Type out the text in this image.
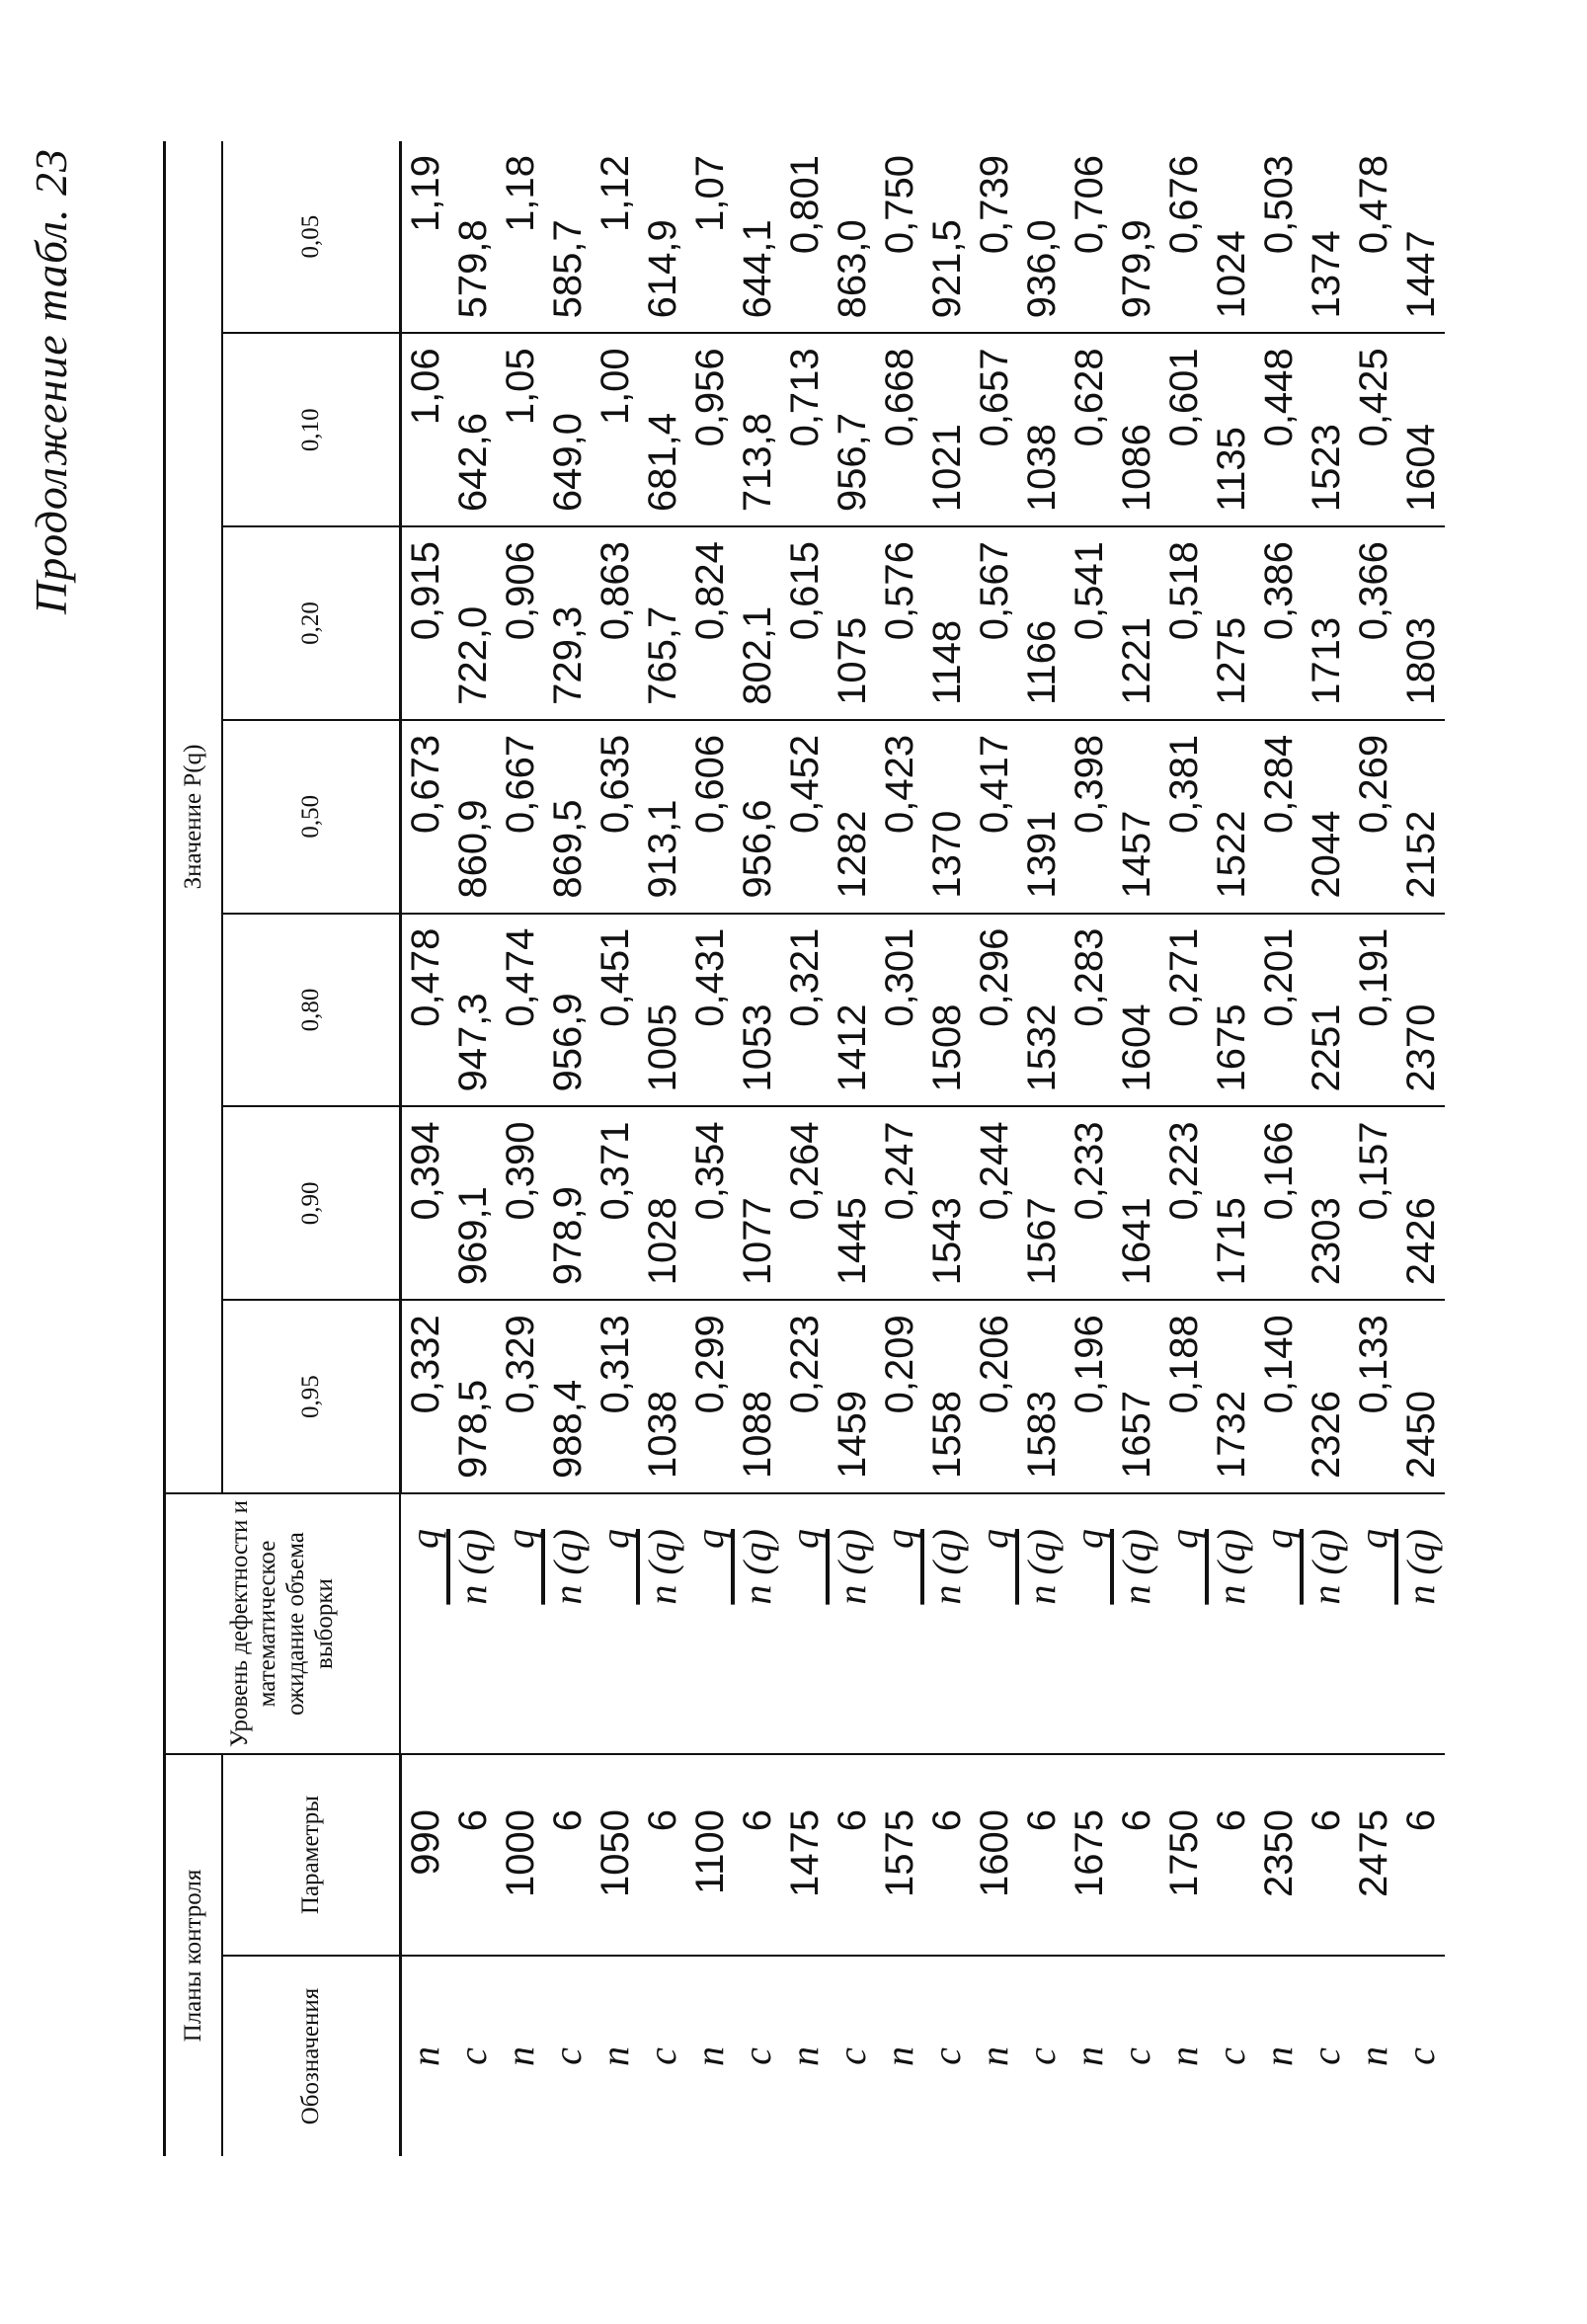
Продолжение табл. 23
Планы контроля		Уровень дефектности и математическое ожидание объема выборки	Значение P(q)						
Обозначения	Параметры		0,95	0,90	0,80	0,50	0,20	0,10	0,05
n	990	q	0,332	0,394	0,478	0,673	0,915	1,06	1,19
c	6	n (q)	978,5	969,1	947,3	860,9	722,0	642,6	579,8
n	1000	q	0,329	0,390	0,474	0,667	0,906	1,05	1,18
c	6	n (q)	988,4	978,9	956,9	869,5	729,3	649,0	585,7
n	1050	q	0,313	0,371	0,451	0,635	0,863	1,00	1,12
c	6	n (q)	1038	1028	1005	913,1	765,7	681,4	614,9
n	1100	q	0,299	0,354	0,431	0,606	0,824	0,956	1,07
c	6	n (q)	1088	1077	1053	956,6	802,1	713,8	644,1
n	1475	q	0,223	0,264	0,321	0,452	0,615	0,713	0,801
c	6	n (q)	1459	1445	1412	1282	1075	956,7	863,0
n	1575	q	0,209	0,247	0,301	0,423	0,576	0,668	0,750
c	6	n (q)	1558	1543	1508	1370	1148	1021	921,5
n	1600	q	0,206	0,244	0,296	0,417	0,567	0,657	0,739
c	6	n (q)	1583	1567	1532	1391	1166	1038	936,0
n	1675	q	0,196	0,233	0,283	0,398	0,541	0,628	0,706
c	6	n (q)	1657	1641	1604	1457	1221	1086	979,9
n	1750	q	0,188	0,223	0,271	0,381	0,518	0,601	0,676
c	6	n (q)	1732	1715	1675	1522	1275	1135	1024
n	2350	q	0,140	0,166	0,201	0,284	0,386	0,448	0,503
c	6	n (q)	2326	2303	2251	2044	1713	1523	1374
n	2475	q	0,133	0,157	0,191	0,269	0,366	0,425	0,478
c	6	n (q)	2450	2426	2370	2152	1803	1604	1447
